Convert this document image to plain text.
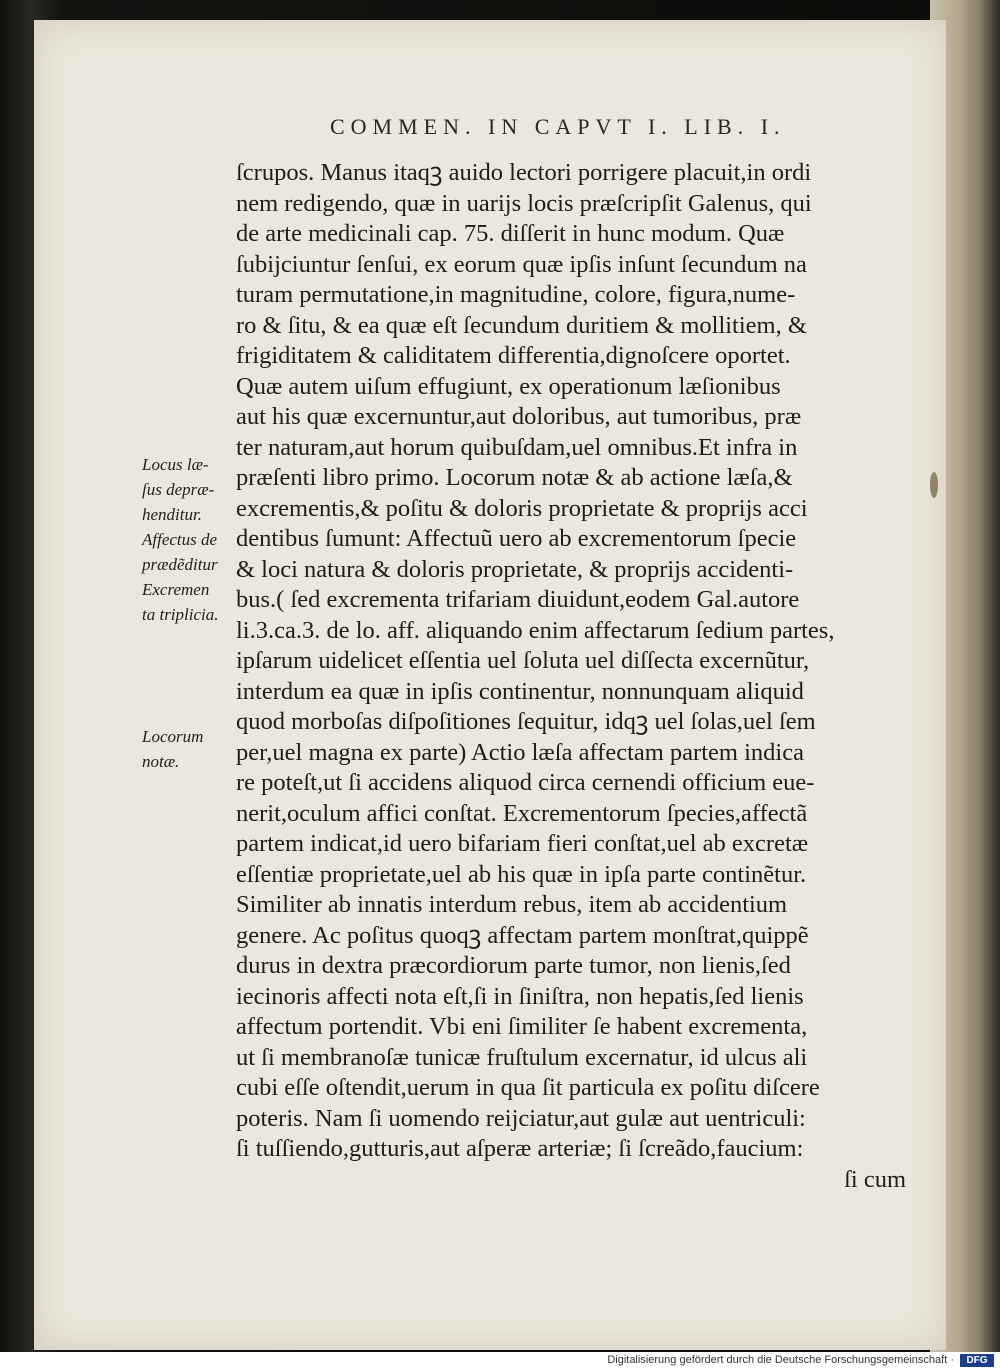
COMMEN. IN CAPVT I. LIB. I.
ſcrupos. Manus itaqꝫ auido lectori porrigere placuit,in ordi
nem redigendo, quæ in uarijs locis præſcripſit Galenus, qui
de arte medicinali cap. 75. diſſerit in hunc modum. Quæ
ſubijciuntur ſenſui, ex eorum quæ ipſis inſunt ſecundum na
turam permutatione,in magnitudine, colore, figura,nume-
ro & ſitu, & ea quæ eſt ſecundum duritiem & mollitiem, &
frigiditatem & caliditatem differentia,dignoſcere oportet.
Quæ autem uiſum effugiunt, ex operationum læſionibus
aut his quæ excernuntur,aut doloribus, aut tumoribus, præ
ter naturam,aut horum quibuſdam,uel omnibus.Et infra in
præſenti libro primo. Locorum notæ & ab actione læſa,&
excrementis,& poſitu & doloris proprietate & proprijs acci
dentibus ſumunt: Affectuũ uero ab excrementorum ſpecie
& loci natura & doloris proprietate, & proprijs accidenti-
bus.( ſed excrementa trifariam diuidunt,eodem Gal.autore
li.3.ca.3. de lo. aff. aliquando enim affectarum ſedium partes,
ipſarum uidelicet eſſentia uel ſoluta uel diſſecta excernũtur,
interdum ea quæ in ipſis continentur, nonnunquam aliquid
quod morboſas diſpoſitiones ſequitur, idqꝫ uel ſolas,uel ſem
per,uel magna ex parte) Actio læſa affectam partem indica
re poteſt,ut ſi accidens aliquod circa cernendi officium eue-
nerit,oculum affici conſtat. Excrementorum ſpecies,affectã
partem indicat,id uero bifariam fieri conſtat,uel ab excretæ
eſſentiæ proprietate,uel ab his quæ in ipſa parte continẽtur.
Similiter ab innatis interdum rebus, item ab accidentium
genere. Ac poſitus quoqꝫ affectam partem monſtrat,quippẽ
durus in dextra præcordiorum parte tumor, non lienis,ſed
iecinoris affecti nota eſt,ſi in ſiniſtra, non hepatis,ſed lienis
affectum portendit. Vbi eni ſimiliter ſe habent excrementa,
ut ſi membranoſæ tunicæ fruſtulum excernatur, id ulcus ali
cubi eſſe oſtendit,uerum in qua ſit particula ex poſitu diſcere
poteris. Nam ſi uomendo reijciatur,aut gulæ aut uentriculi:
ſi tuſſiendo,gutturis,aut aſperæ arteriæ; ſi ſcreãdo,faucium:
ſi cum
Locus læ-
ſus depræ-
henditur.
Affectus de
prædẽditur
Excremen
ta triplicia.
Locorum
notæ.
Digitalisierung gefördert durch die Deutsche Forschungsgemeinschaft ·	DFG
